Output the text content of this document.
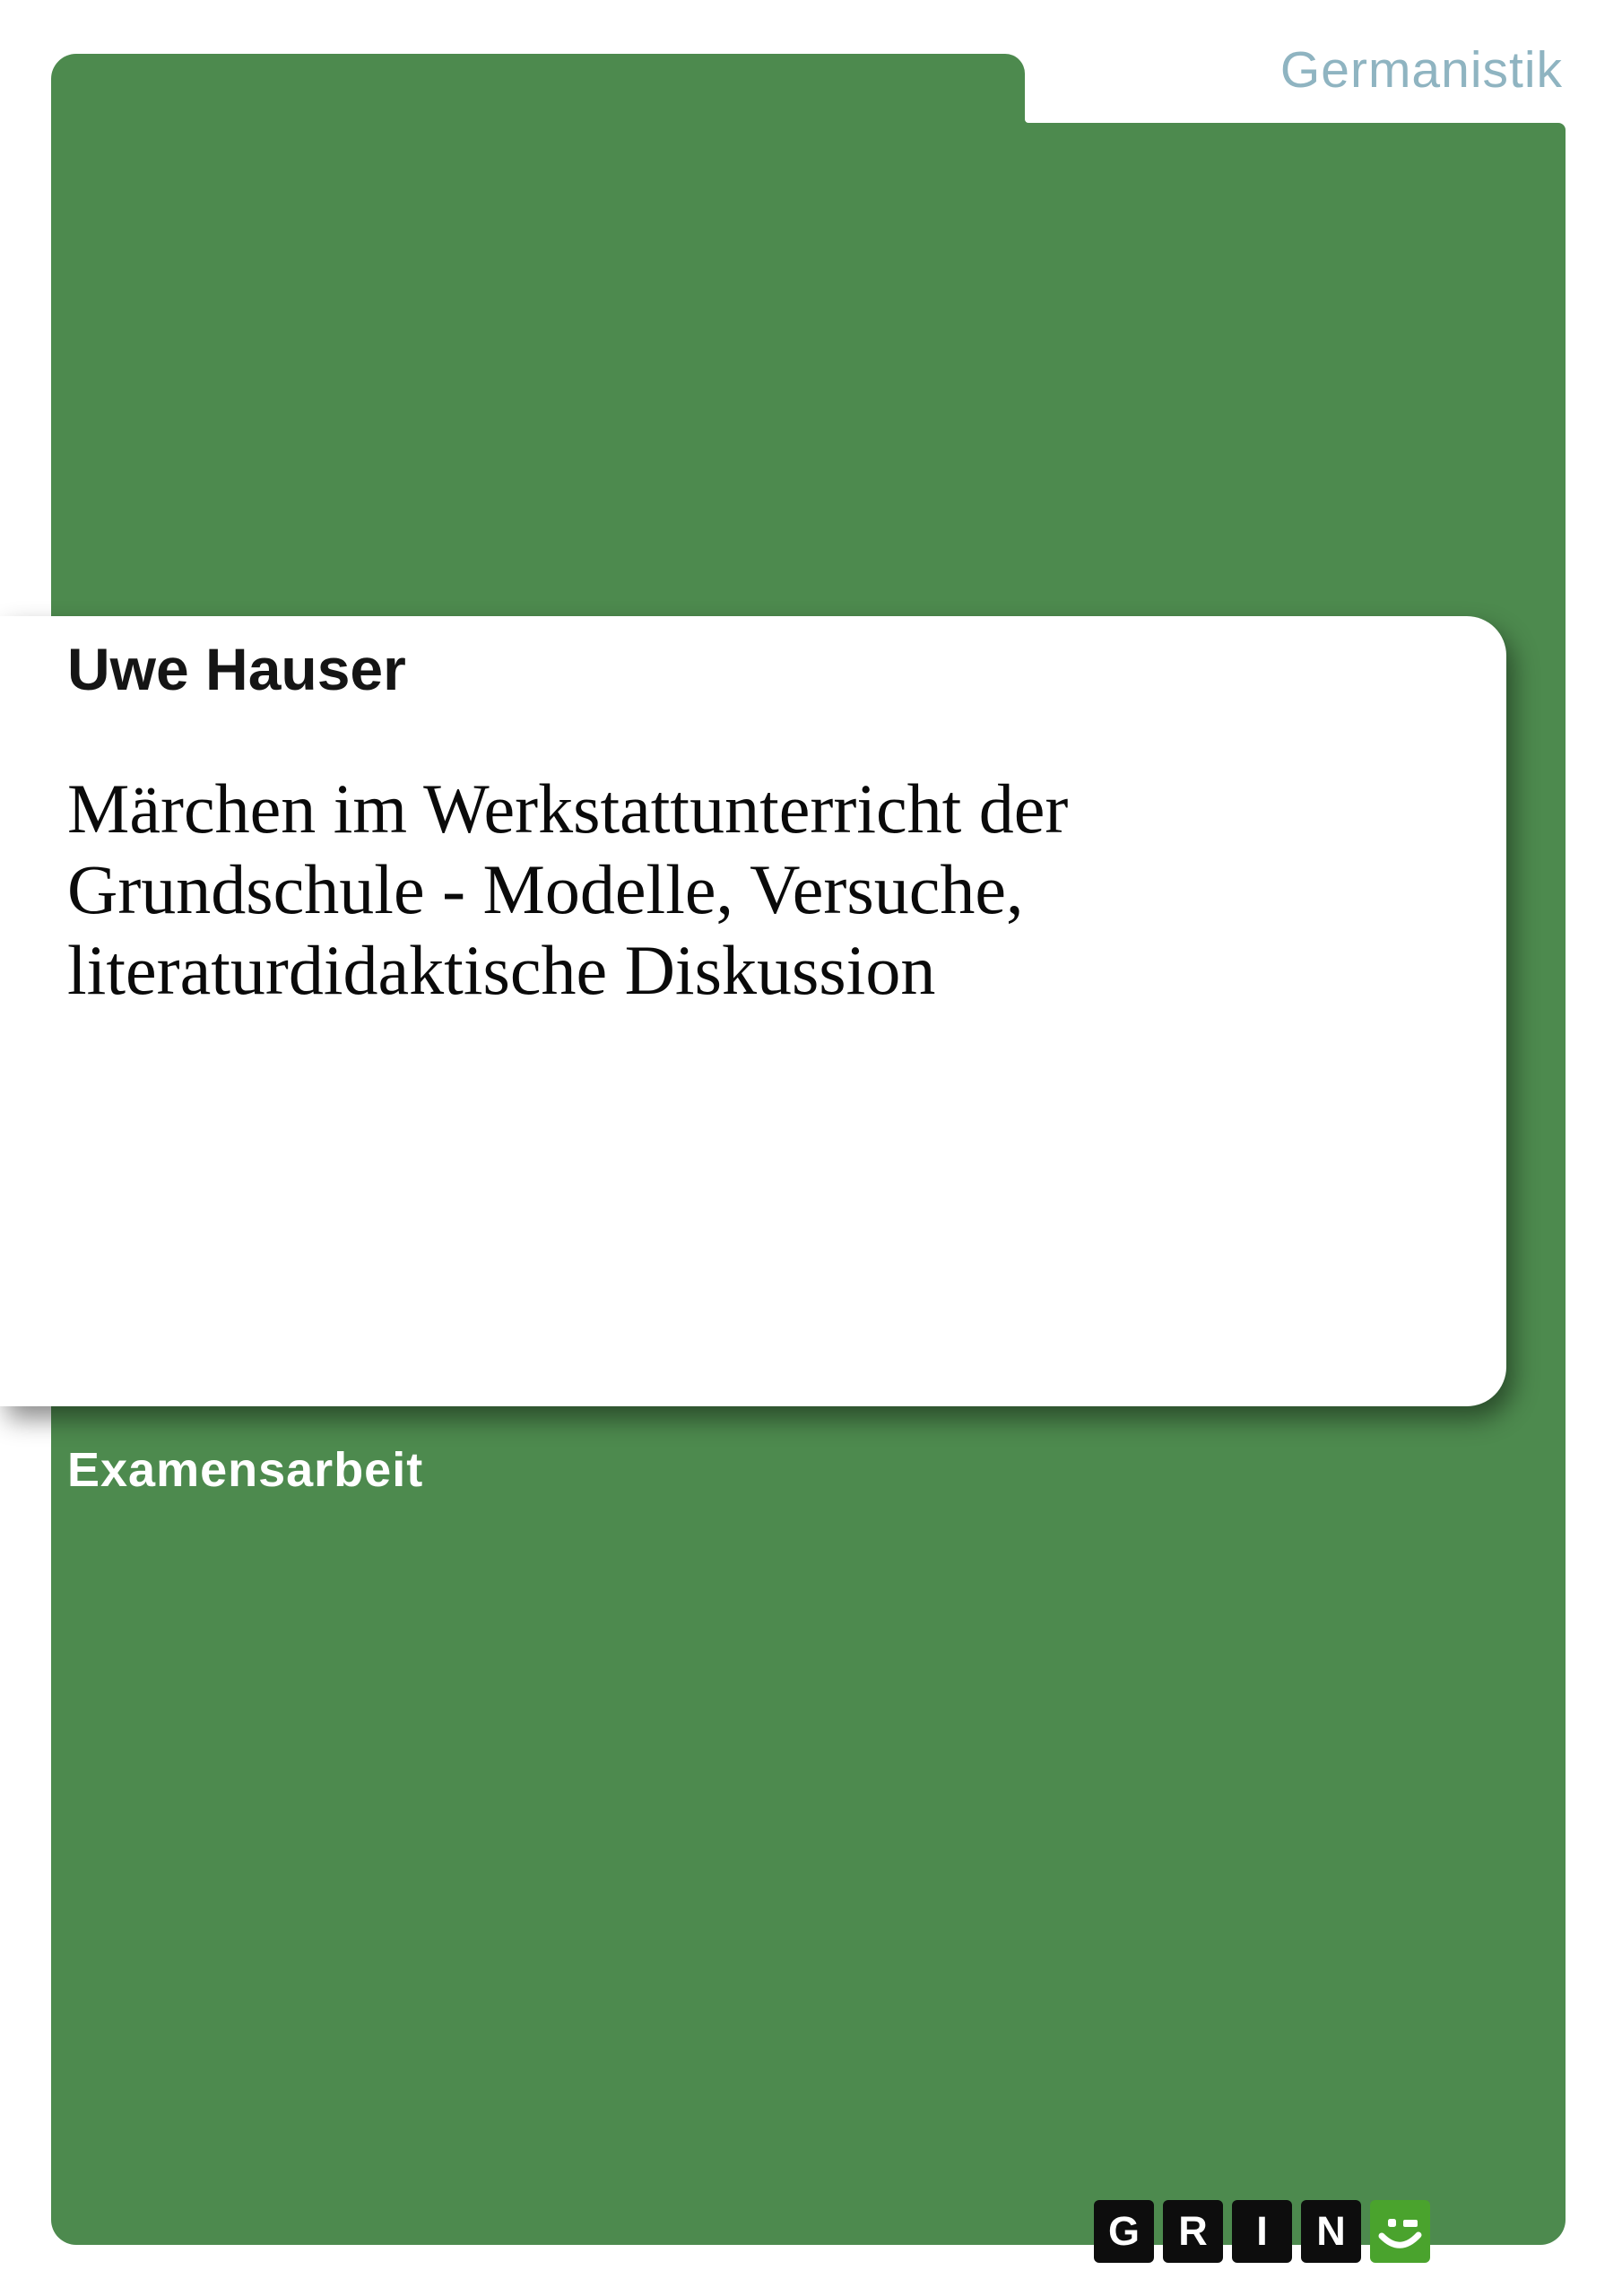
Germanistik
Uwe Hauser
Märchen im Werkstattunterricht der
Grundschule - Modelle, Versuche,
literaturdidaktische Diskussion
Examensarbeit
G R I N
